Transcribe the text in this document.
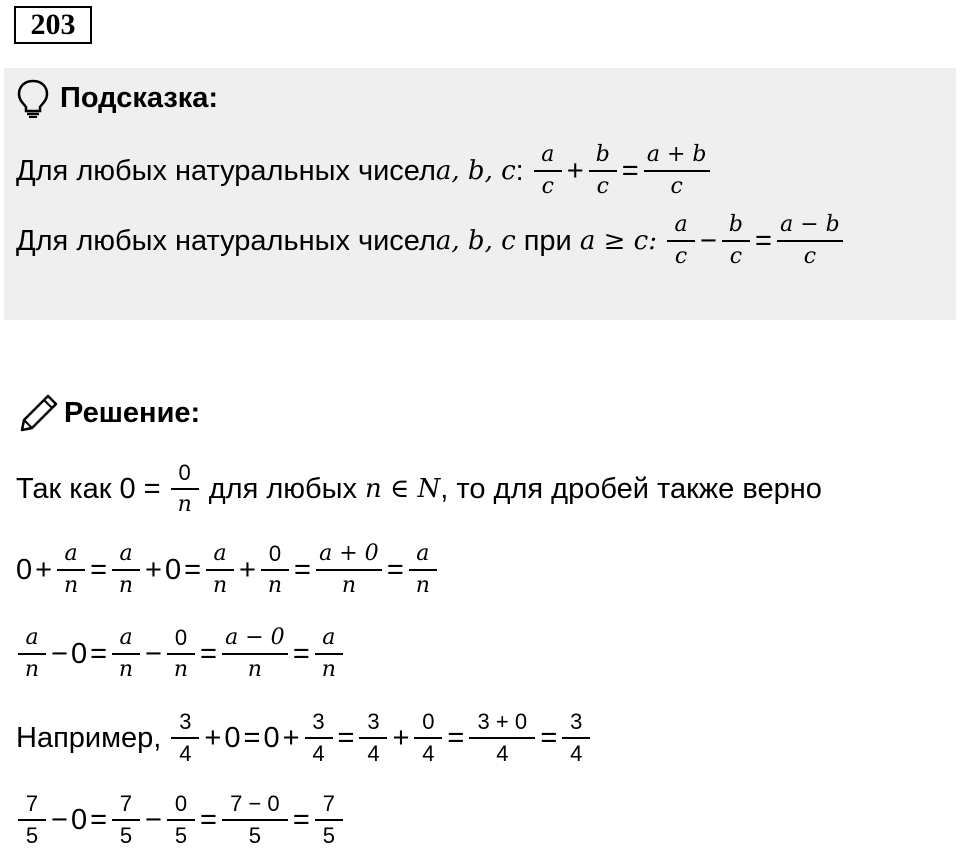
203
Подсказка:
Для любых натуральных чисел a, b, c : $\frac{a}{c} + \frac{b}{c} = \frac{a + b}{c}$
Для любых натуральных чисел a, b, c при a ≥ c:
$\frac{a}{c} - \frac{b}{c} = \frac{a - b}{c}$
Решение:
Так как $0 = \frac{0}{n}$ для любых n ∈ N , то для дробей также верно
$0 + \frac{a}{n} = \frac{a}{n} + 0 = \frac{a}{n} + \frac{0}{n} = \frac{a + 0}{n} = \frac{a}{n}$
$\frac{a}{n} - 0 = \frac{a}{n} - \frac{0}{n} = \frac{a - 0}{n} = \frac{a}{n}$
Например, $\frac{3}{4} + 0 = 0 + \frac{3}{4} = \frac{3}{4} + \frac{0}{4} = \frac{3 + 0}{4} = \frac{3}{4}$
$\frac{7}{5} - 0 = \frac{7}{5} - \frac{0}{5} = \frac{7 - 0}{5} = \frac{7}{5}$
